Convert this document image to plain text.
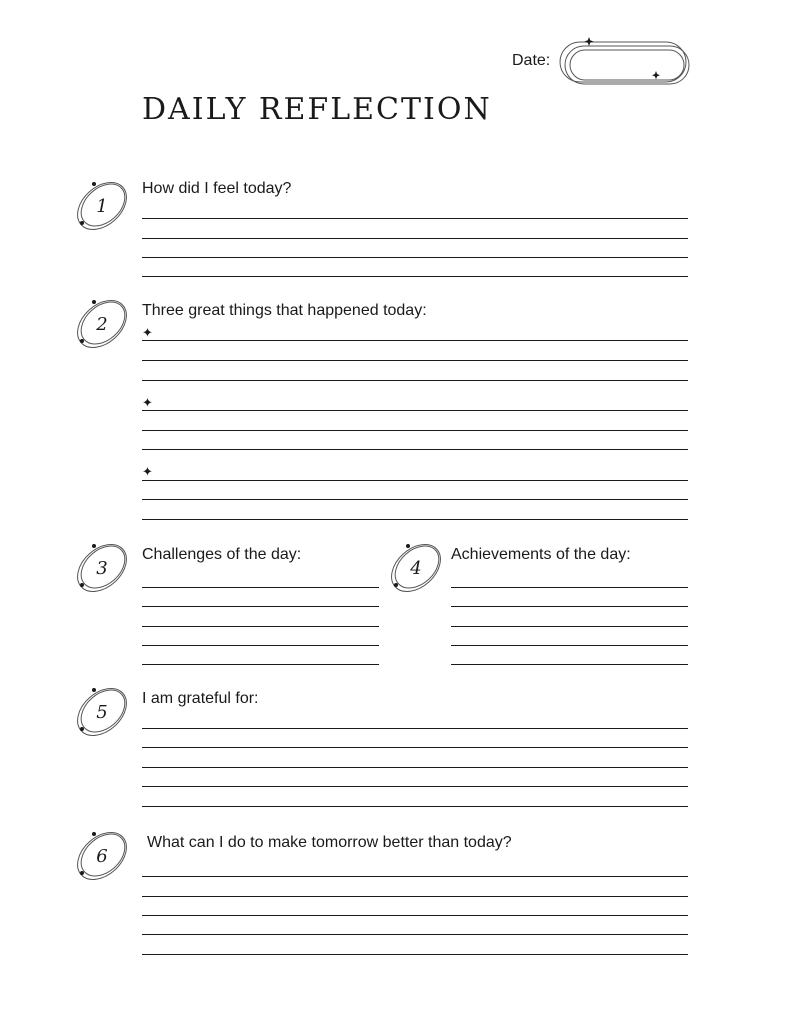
DAILY REFLECTION
Date:
1
How did I feel today?
2
Three great things that happened today:
✦
✦
✦
3
Challenges of the day:
4
Achievements of the day:
5
I am grateful for:
6
What can I do to make tomorrow better than today?
